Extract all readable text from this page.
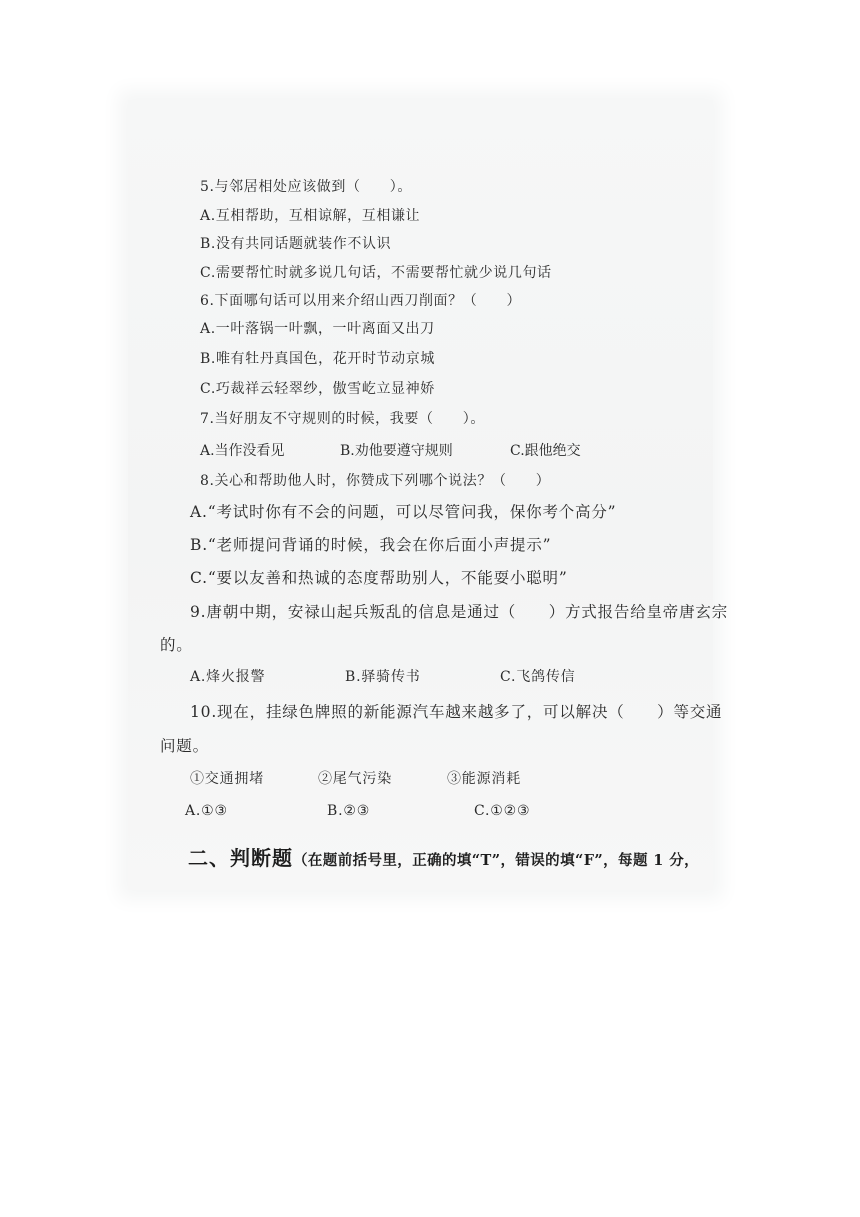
5.与邻居相处应该做到（　　）。
A.互相帮助，互相谅解，互相谦让
B.没有共同话题就装作不认识
C.需要帮忙时就多说几句话，不需要帮忙就少说几句话
6.下面哪句话可以用来介绍山西刀削面？（　　）
A.一叶落锅一叶飘，一叶离面又出刀
B.唯有牡丹真国色，花开时节动京城
C.巧裁祥云轻翠纱，傲雪屹立显神娇
7.当好朋友不守规则的时候，我要（　　）。
A.当作没看见	B.劝他要遵守规则	C.跟他绝交
8.关心和帮助他人时，你赞成下列哪个说法？（　　）
A.“考试时你有不会的问题，可以尽管问我，保你考个高分”
B.“老师提问背诵的时候，我会在你后面小声提示”
C.“要以友善和热诚的态度帮助别人，不能耍小聪明”
9.唐朝中期，安禄山起兵叛乱的信息是通过（　　）方式报告给皇帝唐玄宗
的。
A.烽火报警	B.驿骑传书	C.飞鸽传信
10.现在，挂绿色牌照的新能源汽车越来越多了，可以解决（　　）等交通
问题。
①交通拥堵	②尾气污染	③能源消耗
A.①③	B.②③	C.①②③
二、判断题（在题前括号里，正确的填“T”，错误的填“F”，每题 1 分，
